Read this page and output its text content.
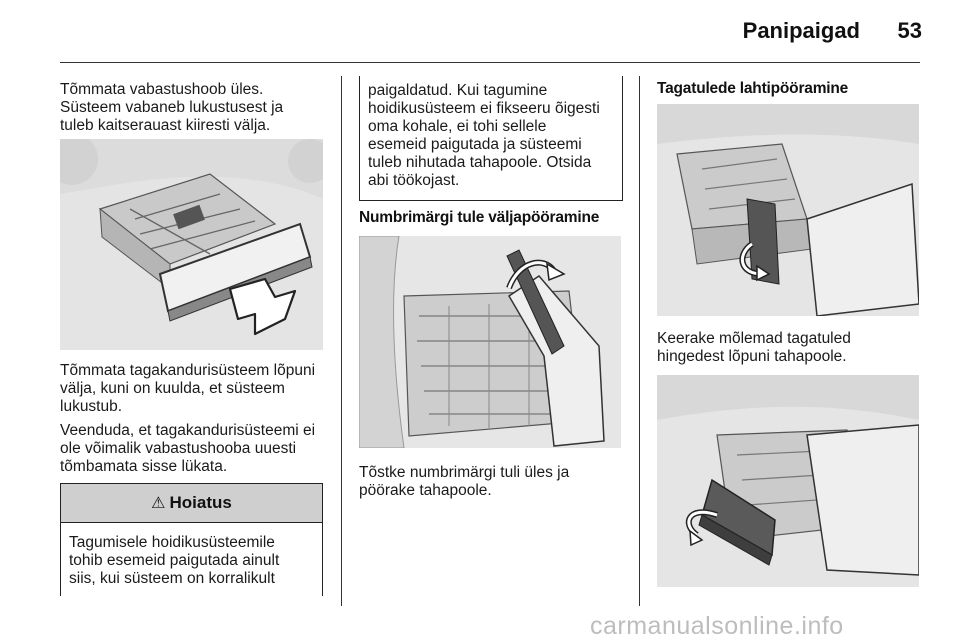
Panipaigad	53

Tõmmata vabastushoob üles.
Süsteem vabaneb lukustusest ja
tuleb kaitserauast kiiresti välja.

Tõmmata tagakandurisüsteem lõpuni
välja, kuni on kuulda, et süsteem
lukustub.

Veenduda, et tagakandurisüsteemi ei
ole võimalik vabastushooba uuesti
tõmbamata sisse lükata.

⚠ Hoiatus
Tagumisele hoidikusüsteemile
tohib esemeid paigutada ainult
siis, kui süsteem on korralikult
paigaldatud. Kui tagumine
hoidikusüsteem ei fikseeru õigesti
oma kohale, ei tohi sellele
esemeid paigutada ja süsteemi
tuleb nihutada tahapoole. Otsida
abi töökojast.
Numbrimärgi tule väljapööramine

Tõstke numbrimärgi tuli üles ja
pöörake tahapoole.

Tagatulede lahtipööramine

Keerake mõlemad tagatuled
hingedest lõpuni tahapoole.

carmanualsonline.info
